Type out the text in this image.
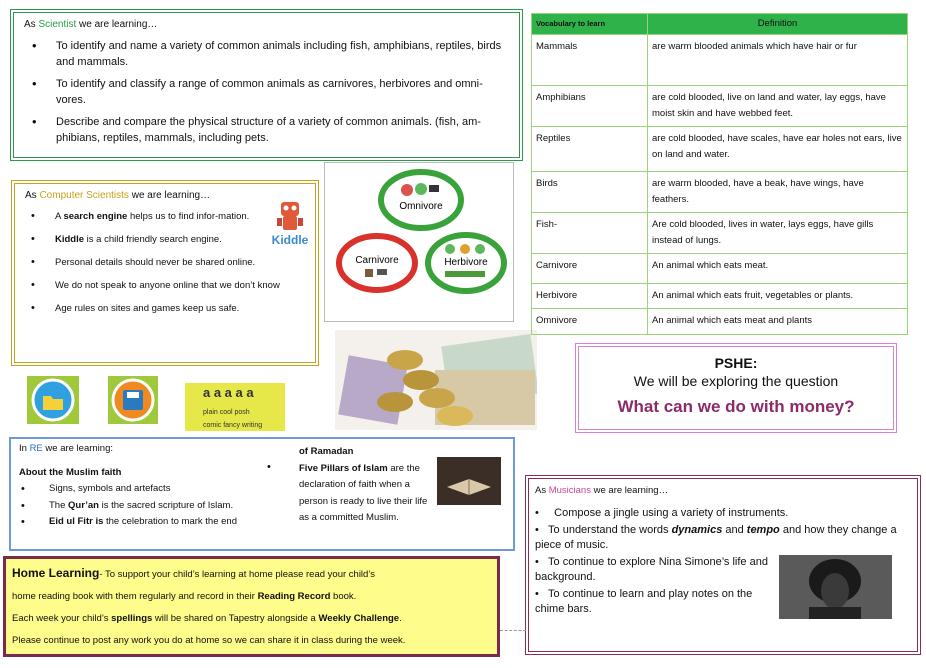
As Scientist we are learning…
• To identify and name a variety of common animals including fish, amphibians, reptiles, birds and mammals.
• To identify and classify a range of common animals as carnivores, herbivores and omni-vores.
• Describe and compare the physical structure of a variety of common animals. (fish, am-phibians, reptiles, mammals, including pets.
As Computer Scientists we are learning…
• A search engine helps us to find infor-mation.
• Kiddle is a child friendly search engine.
• Personal details should never be shared online.
• We do not speak to anyone online that we don’t know
• Age rules on sites and games keep us safe.
Kiddle
Omnivore
Carnivore	Herbivore
a a a a a
plain cool posh
comic fancy writing
Vocabulary to learn	Definition
Mammals	are warm blooded animals which have hair or fur
Amphibians	are cold blooded, live on land and water, lay eggs, have moist skin and have webbed feet.
Reptiles	are cold blooded, have scales, have ear holes not ears, live on land and water.
Birds	are warm blooded, have a beak, have wings, have feathers.
Fish-	Are cold blooded, lives in water, lays eggs, have gills instead of lungs.
Carnivore	An animal which eats meat.
Herbivore	An animal which eats fruit, vegetables or plants.
Omnivore	An animal which eats meat and plants
PSHE:
We will be exploring the question
What can we do with money?
In RE we are learning:
About the Muslim faith
• Signs, symbols and artefacts
• The Qur’an is the sacred scripture of Islam.
• Eid ul Fitr is the celebration to mark the end
•
of Ramadan
Five Pillars of Islam are the declaration of faith when a person is ready to live their life as a committed Muslim.

Home Learning- To support your child’s learning at home please read your child’s

home reading book with them regularly and record in their Reading Record book.

Each week your child’s spellings will be shared on Tapestry alongside a Weekly Challenge.

Please continue to post any work you do at home so we can share it in class during the week.

As Musicians we are learning…

•     Compose a jingle using a variety of instruments.

•   To understand the words dynamics and tempo and how they change a piece of music.

•   To continue to explore Nina Simone’s life and background.

•   To continue to learn and play notes on the chime bars.
